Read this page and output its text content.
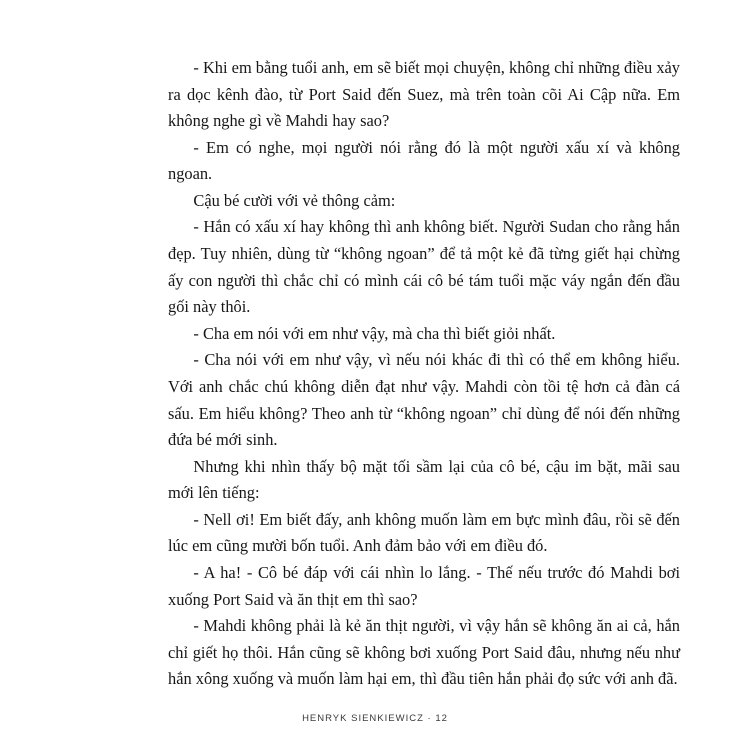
- Khi em bằng tuổi anh, em sẽ biết mọi chuyện, không chỉ những điều xảy ra dọc kênh đào, từ Port Said đến Suez, mà trên toàn cõi Ai Cập nữa. Em không nghe gì về Mahdi hay sao?

- Em có nghe, mọi người nói rằng đó là một người xấu xí và không ngoan.

Cậu bé cười với vẻ thông cảm:

- Hắn có xấu xí hay không thì anh không biết. Người Sudan cho rằng hắn đẹp. Tuy nhiên, dùng từ “không ngoan” để tả một kẻ đã từng giết hại chừng ấy con người thì chắc chỉ có mình cái cô bé tám tuổi mặc váy ngắn đến đầu gối này thôi.

- Cha em nói với em như vậy, mà cha thì biết giỏi nhất.

- Cha nói với em như vậy, vì nếu nói khác đi thì có thể em không hiểu. Với anh chắc chú không diễn đạt như vậy. Mahdi còn tồi tệ hơn cả đàn cá sấu. Em hiểu không? Theo anh từ “không ngoan” chỉ dùng để nói đến những đứa bé mới sinh.

Nhưng khi nhìn thấy bộ mặt tối sầm lại của cô bé, cậu im bặt, mãi sau mới lên tiếng:

- Nell ơi! Em biết đấy, anh không muốn làm em bực mình đâu, rồi sẽ đến lúc em cũng mười bốn tuổi. Anh đảm bảo với em điều đó.

- A ha! - Cô bé đáp với cái nhìn lo lắng. - Thế nếu trước đó Mahdi bơi xuống Port Said và ăn thịt em thì sao?

- Mahdi không phải là kẻ ăn thịt người, vì vậy hắn sẽ không ăn ai cả, hắn chỉ giết họ thôi. Hắn cũng sẽ không bơi xuống Port Said đâu, nhưng nếu như hắn xông xuống và muốn làm hại em, thì đầu tiên hắn phải đọ sức với anh đã.

HENRYK SIENKIEWICZ · 12
